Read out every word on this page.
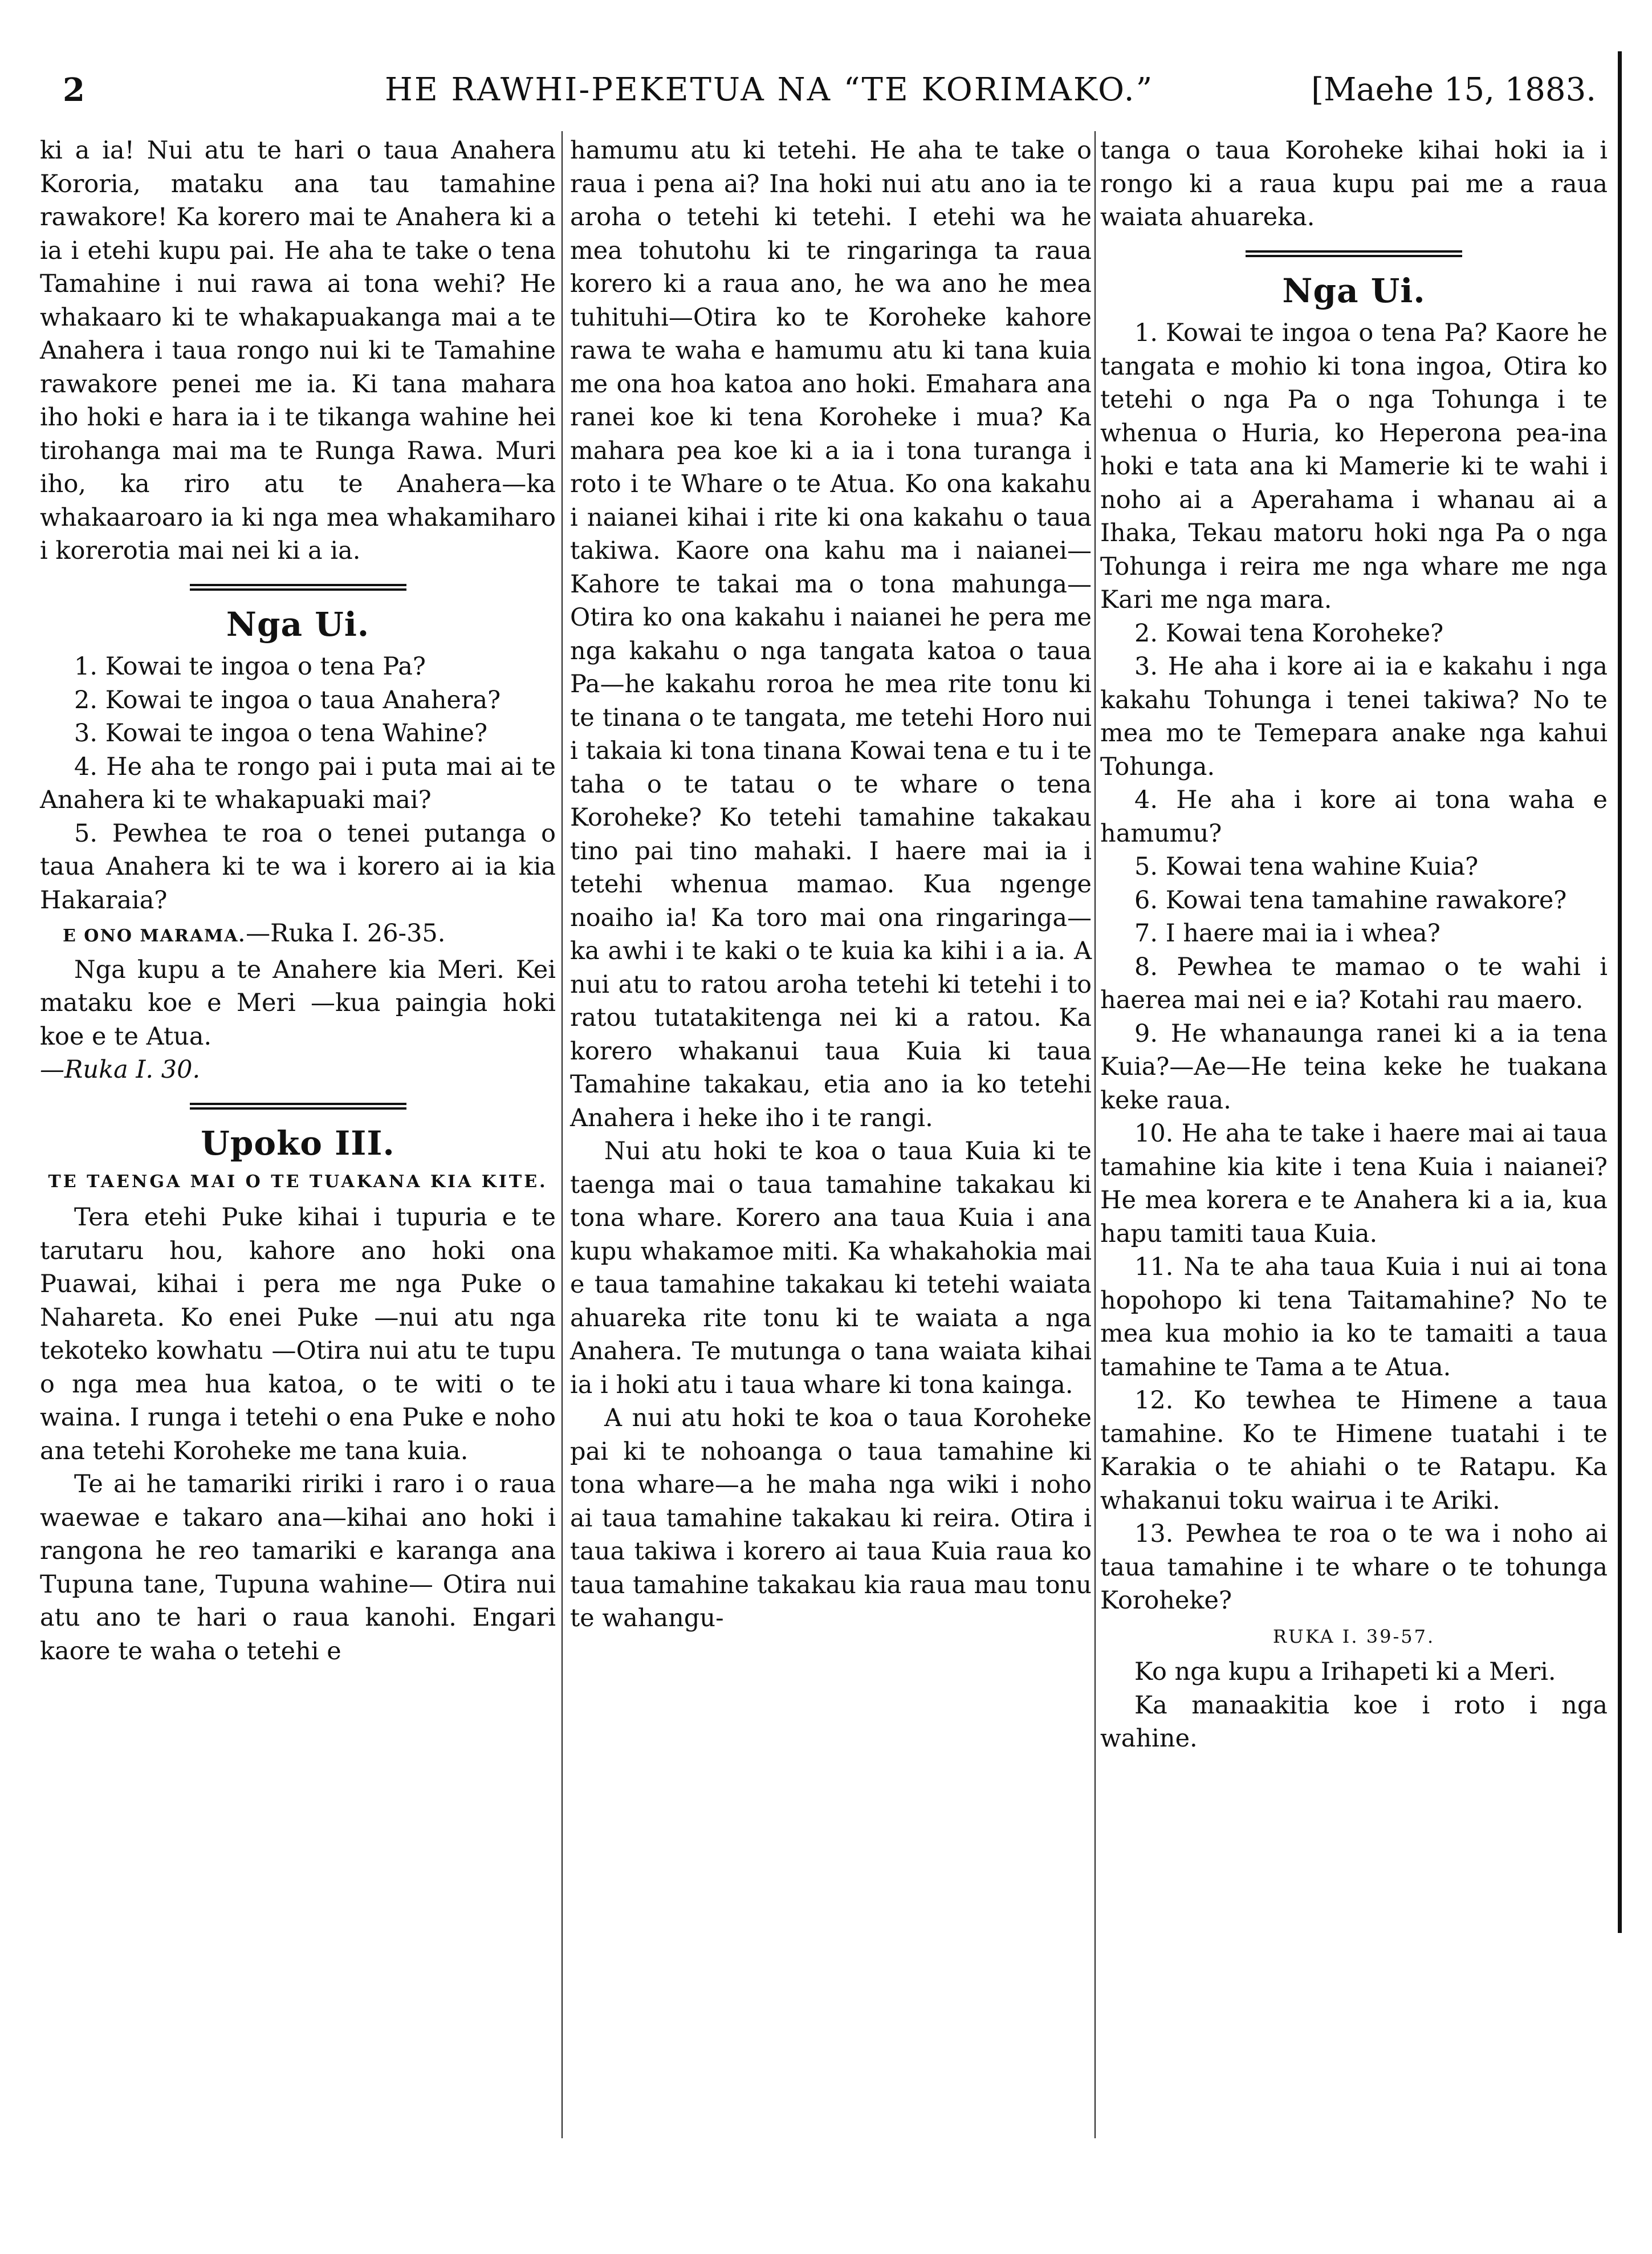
2	HE RAWHI-PEKETUA NA “TE KORIMAKO.”	[Maehe 15, 1883.

ki a ia! Nui atu te hari o taua Anahera Kororia, mataku ana tau tamahine rawakore! Ka korero mai te Anahera ki a ia i etehi kupu pai. He aha te take o tena Tamahine i nui rawa ai tona wehi? He whakaaro ki te whakapuakanga mai a te Anahera i taua rongo nui ki te Tamahine rawakore penei me ia. Ki tana mahara iho hoki e hara ia i te tikanga wahine hei tirohanga mai ma te Runga Rawa. Muri iho, ka riro atu te Anahera—ka whakaaroaro ia ki nga mea whakamiharo i korerotia mai nei ki a ia.

Nga Ui.

1. Kowai te ingoa o tena Pa?

2. Kowai te ingoa o taua Anahera?

3. Kowai te ingoa o tena Wahine?

4. He aha te rongo pai i puta mai ai te Anahera ki te whakapuaki mai?

5. Pewhea te roa o tenei putanga o taua Anahera ki te wa i korero ai ia kia Hakaraia?

E ONO MARAMA.—Ruka I. 26-35.

Nga kupu a te Anahere kia Meri. Kei mataku koe e Meri —kua paingia hoki koe e te Atua.

—Ruka I. 30.

Upoko III.
TE TAENGA MAI O TE TUAKANA KIA KITE.

Tera etehi Puke kihai i tupuria e te tarutaru hou, kahore ano hoki ona Puawai, kihai i pera me nga Puke o Nahareta. Ko enei Puke —nui atu nga tekoteko kowhatu —Otira nui atu te tupu o nga mea hua katoa, o te witi o te waina. I runga i tetehi o ena Puke e noho ana tetehi Koroheke me tana kuia.

Te ai he tamariki ririki i raro i o raua waewae e takaro ana—kihai ano hoki i rangona he reo tamariki e karanga ana Tupuna tane, Tupuna wahine— Otira nui atu ano te hari o raua kanohi. Engari kaore te waha o tetehi e

hamumu atu ki tetehi. He aha te take o raua i pena ai? Ina hoki nui atu ano ia te aroha o tetehi ki tetehi. I etehi wa he mea tohutohu ki te ringaringa ta raua korero ki a raua ano, he wa ano he mea tuhituhi—Otira ko te Koroheke kahore rawa te waha e hamumu atu ki tana kuia me ona hoa katoa ano hoki. Emahara ana ranei koe ki tena Koroheke i mua? Ka mahara pea koe ki a ia i tona turanga i roto i te Whare o te Atua. Ko ona kakahu i naianei kihai i rite ki ona kakahu o taua takiwa. Kaore ona kahu ma i naianei—Kahore te takai ma o tona mahunga—Otira ko ona kakahu i naianei he pera me nga kakahu o nga tangata katoa o taua Pa—he kakahu roroa he mea rite tonu ki te tinana o te tangata, me tetehi Horo nui i takaia ki tona tinana Kowai tena e tu i te taha o te tatau o te whare o tena Koroheke? Ko tetehi tamahine takakau tino pai tino mahaki. I haere mai ia i tetehi whenua mamao. Kua ngenge noaiho ia! Ka toro mai ona ringaringa—ka awhi i te kaki o te kuia ka kihi i a ia. A nui atu to ratou aroha tetehi ki tetehi i to ratou tutatakitenga nei ki a ratou. Ka korero whakanui taua Kuia ki taua Tamahine takakau, etia ano ia ko tetehi Anahera i heke iho i te rangi.

Nui atu hoki te koa o taua Kuia ki te taenga mai o taua tamahine takakau ki tona whare. Korero ana taua Kuia i ana kupu whakamoe miti. Ka whakahokia mai e taua tamahine takakau ki tetehi waiata ahuareka rite tonu ki te waiata a nga Anahera. Te mutunga o tana waiata kihai ia i hoki atu i taua whare ki tona kainga.

A nui atu hoki te koa o taua Koroheke pai ki te nohoanga o taua tamahine ki tona whare—a he maha nga wiki i noho ai taua tamahine takakau ki reira. Otira i taua takiwa i korero ai taua Kuia raua ko taua tamahine takakau kia raua mau tonu te wahangu-

tanga o taua Koroheke kihai hoki ia i rongo ki a raua kupu pai me a raua waiata ahuareka.

Nga Ui.

1. Kowai te ingoa o tena Pa? Kaore he tangata e mohio ki tona ingoa, Otira ko tetehi o nga Pa o nga Tohunga i te whenua o Huria, ko Heperona pea-ina hoki e tata ana ki Mamerie ki te wahi i noho ai a Aperahama i whanau ai a Ihaka, Tekau matoru hoki nga Pa o nga Tohunga i reira me nga whare me nga Kari me nga mara.

2. Kowai tena Koroheke?

3. He aha i kore ai ia e kakahu i nga kakahu Tohunga i tenei takiwa? No te mea mo te Temepara anake nga kahui Tohunga.

4. He aha i kore ai tona waha e hamumu?

5. Kowai tena wahine Kuia?

6. Kowai tena tamahine rawakore?

7. I haere mai ia i whea?

8. Pewhea te mamao o te wahi i haerea mai nei e ia? Kotahi rau maero.

9. He whanaunga ranei ki a ia tena Kuia?—Ae—He teina keke he tuakana keke raua.

10. He aha te take i haere mai ai taua tamahine kia kite i tena Kuia i naianei? He mea korera e te Anahera ki a ia, kua hapu tamiti taua Kuia.

11. Na te aha taua Kuia i nui ai tona hopohopo ki tena Taitamahine? No te mea kua mohio ia ko te tamaiti a taua tamahine te Tama a te Atua.

12. Ko tewhea te Himene a taua tamahine. Ko te Himene tuatahi i te Karakia o te ahiahi o te Ratapu. Ka whakanui toku wairua i te Ariki.

13. Pewhea te roa o te wa i noho ai taua tamahine i te whare o te tohunga Koroheke?

RUKA I. 39-57.

Ko nga kupu a Irihapeti ki a Meri.

Ka manaakitia koe i roto i nga wahine.
